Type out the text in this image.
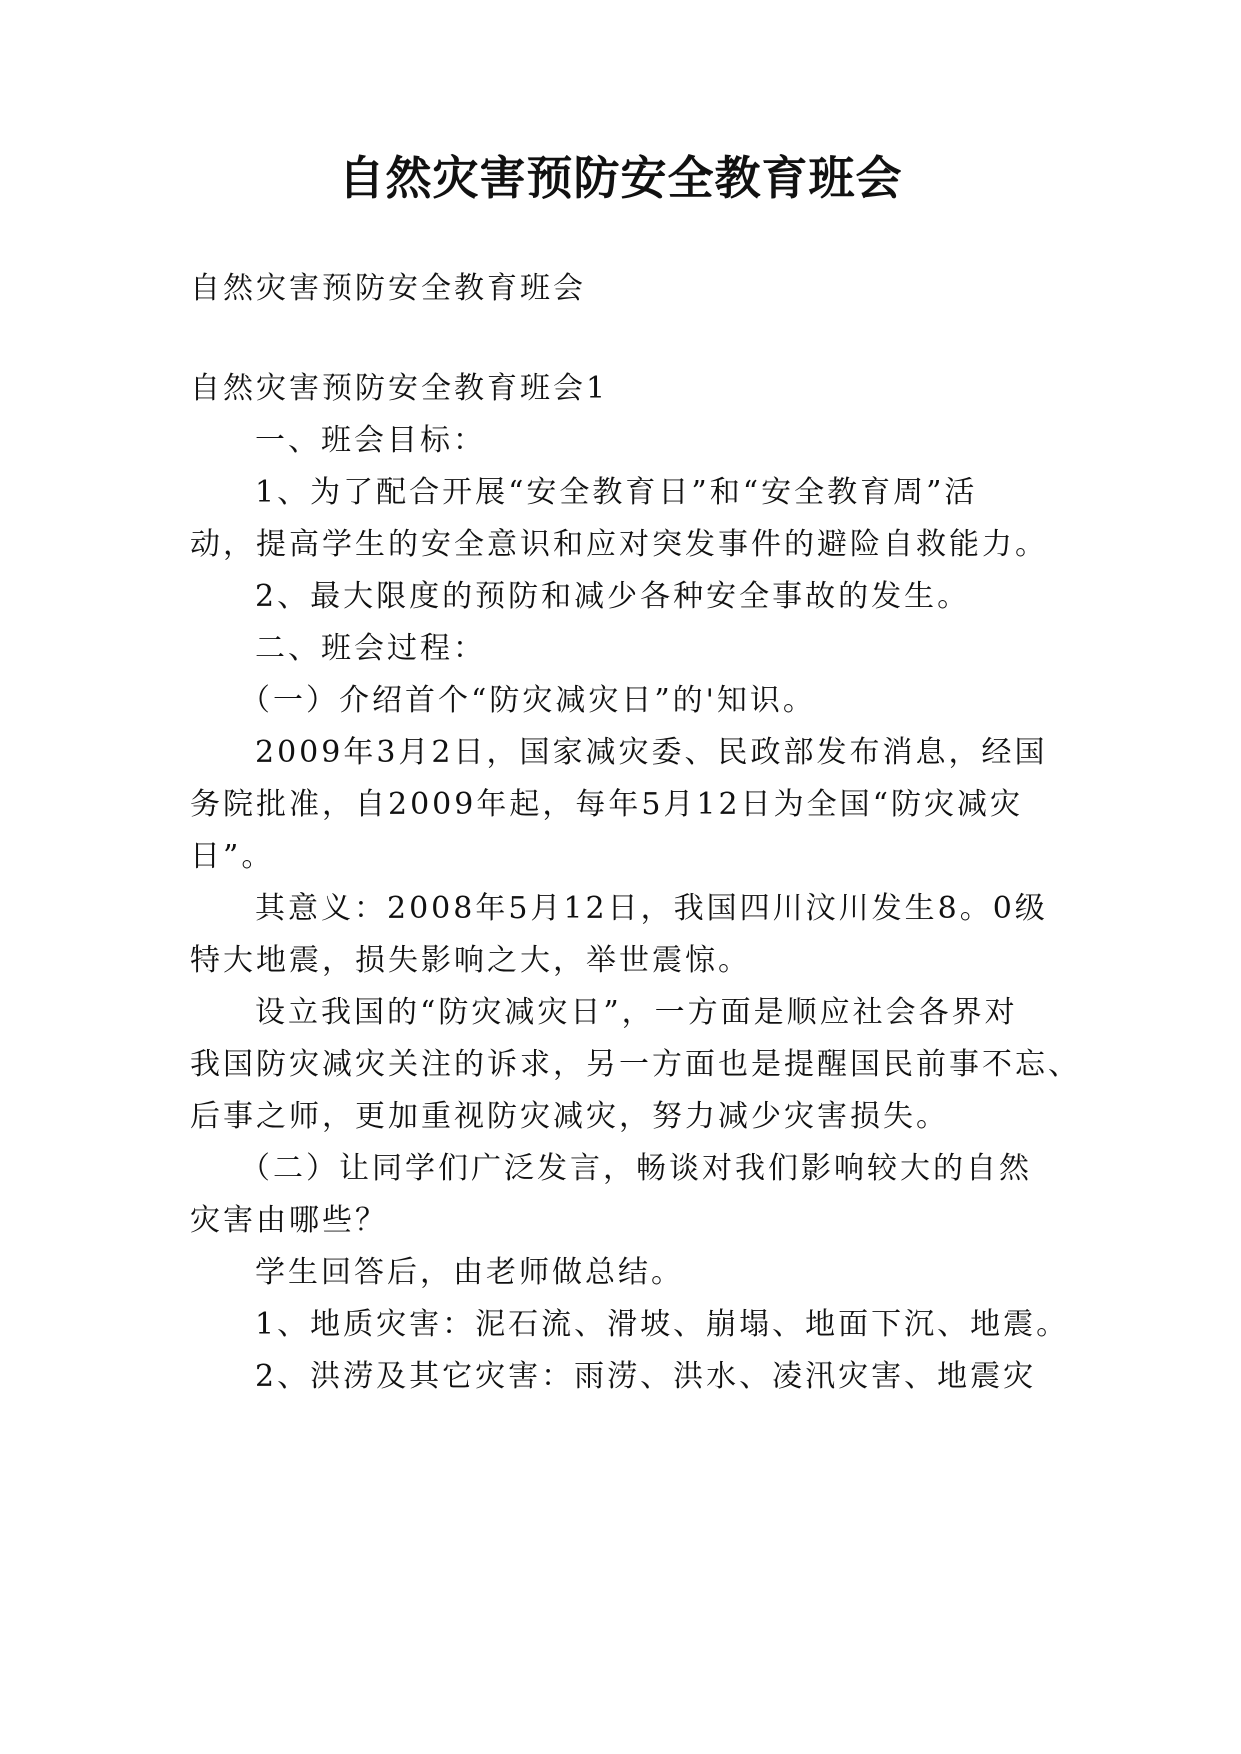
自然灾害预防安全教育班会
自然灾害预防安全教育班会
自然灾害预防安全教育班会1
一、班会目标：
1、为了配合开展“安全教育日”和“安全教育周”活
动，提高学生的安全意识和应对突发事件的避险自救能力。
2、最大限度的预防和减少各种安全事故的发生。
二、班会过程：
（一）介绍首个“防灾减灾日”的'知识。
2009年3月2日，国家减灾委、民政部发布消息，经国
务院批准，自2009年起，每年5月12日为全国“防灾减灾
日”。
其意义：2008年5月12日，我国四川汶川发生8。0级
特大地震，损失影响之大，举世震惊。
设立我国的“防灾减灾日”，一方面是顺应社会各界对
我国防灾减灾关注的诉求，另一方面也是提醒国民前事不忘、
后事之师，更加重视防灾减灾，努力减少灾害损失。
（二）让同学们广泛发言，畅谈对我们影响较大的自然
灾害由哪些？
学生回答后，由老师做总结。
1、地质灾害：泥石流、滑坡、崩塌、地面下沉、地震。
2、洪涝及其它灾害：雨涝、洪水、凌汛灾害、地震灾
